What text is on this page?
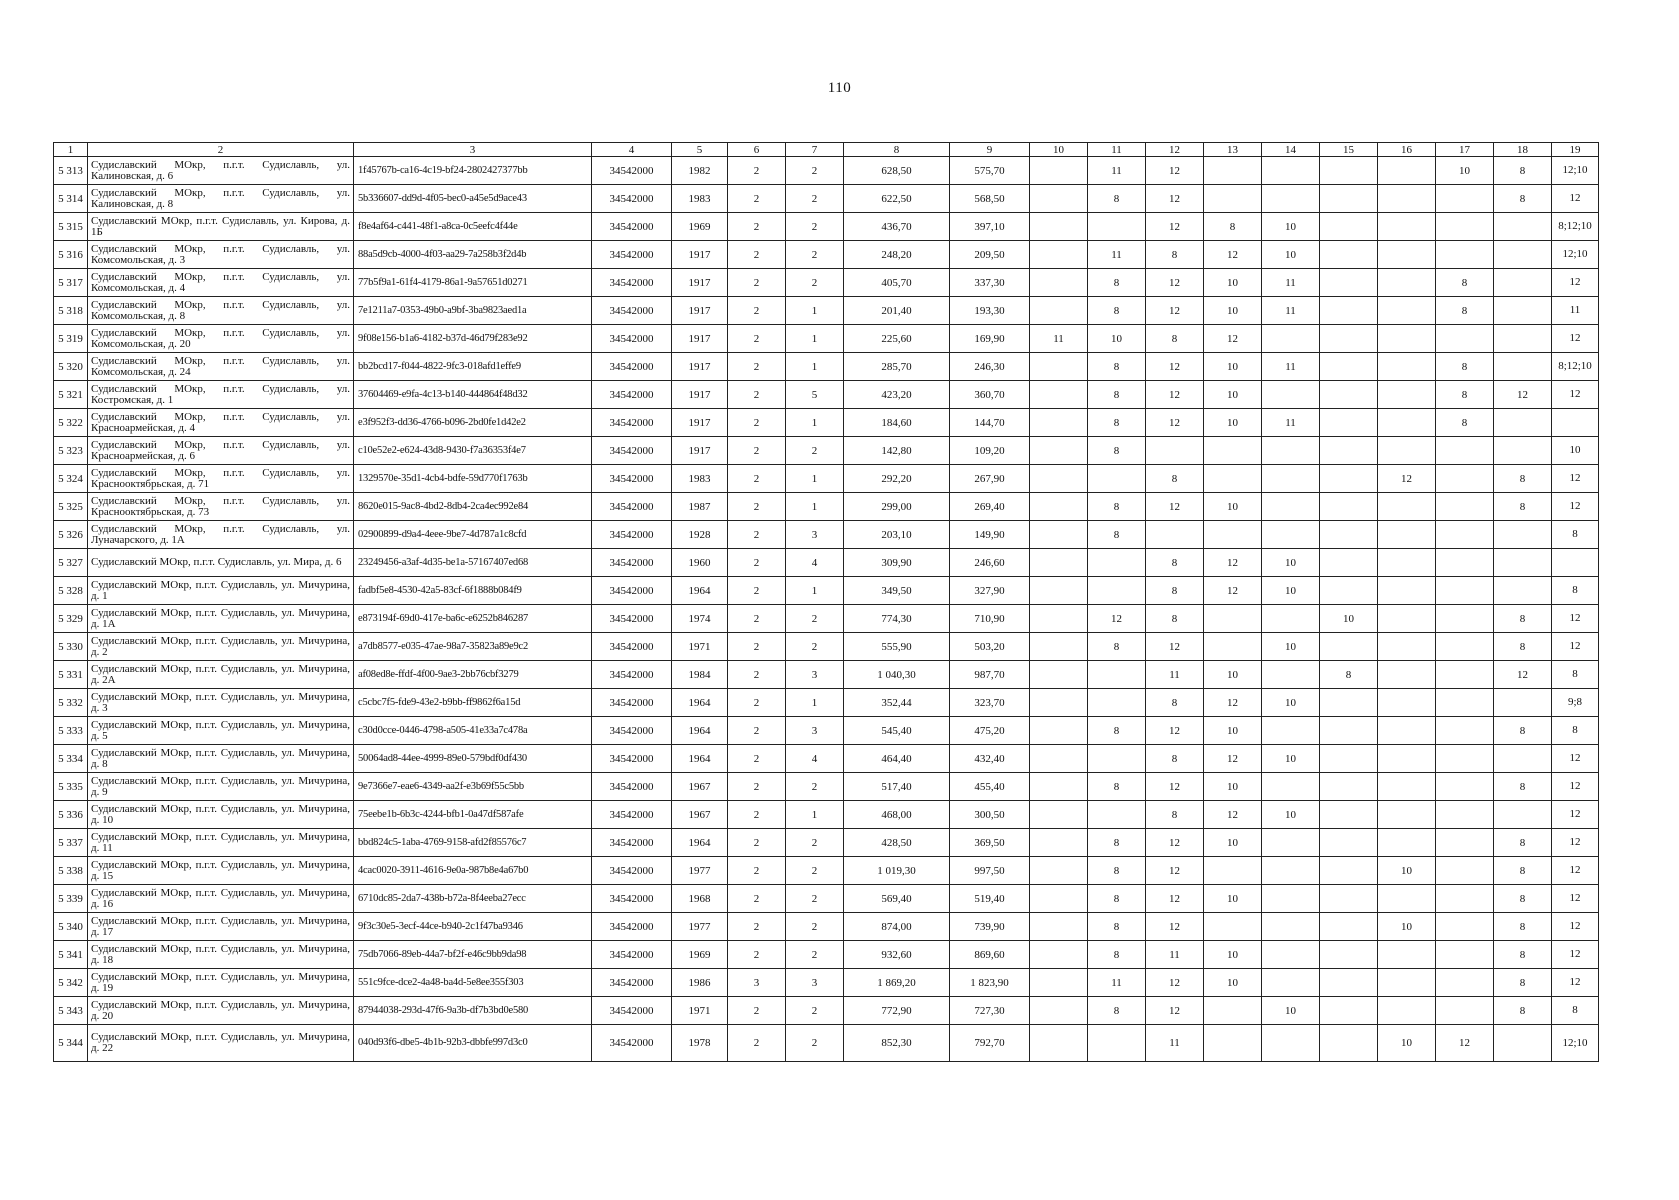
110
1	2	3	4	5	6	7	8	9	10	11	12	13	14	15	16	17	18	19
5 313	Судиславский МОкр, п.г.т. Судиславль, ул. Калиновская, д. 6	1f45767b-ca16-4c19-bf24-2802427377bb	34542000	1982	2	2	628,50	575,70		11	12					10	8	12;10
5 314	Судиславский МОкр, п.г.т. Судиславль, ул. Калиновская, д. 8	5b336607-dd9d-4f05-bec0-a45e5d9ace43	34542000	1983	2	2	622,50	568,50		8	12						8	12
5 315	Судиславский МОкр, п.г.т. Судиславль, ул. Кирова, д. 1Б	f8e4af64-c441-48f1-a8ca-0c5eefc4f44e	34542000	1969	2	2	436,70	397,10			12	8	10					8;12;10
5 316	Судиславский МОкр, п.г.т. Судиславль, ул. Комсомольская, д. 3	88a5d9cb-4000-4f03-aa29-7a258b3f2d4b	34542000	1917	2	2	248,20	209,50		11	8	12	10					12;10
5 317	Судиславский МОкр, п.г.т. Судиславль, ул. Комсомольская, д. 4	77b5f9a1-61f4-4179-86a1-9a57651d0271	34542000	1917	2	2	405,70	337,30		8	12	10	11			8		12
5 318	Судиславский МОкр, п.г.т. Судиславль, ул. Комсомольская, д. 8	7e1211a7-0353-49b0-a9bf-3ba9823aed1a	34542000	1917	2	1	201,40	193,30		8	12	10	11			8		11
5 319	Судиславский МОкр, п.г.т. Судиславль, ул. Комсомольская, д. 20	9f08e156-b1a6-4182-b37d-46d79f283e92	34542000	1917	2	1	225,60	169,90	11	10	8	12						12
5 320	Судиславский МОкр, п.г.т. Судиславль, ул. Комсомольская, д. 24	bb2bcd17-f044-4822-9fc3-018afd1effe9	34542000	1917	2	1	285,70	246,30		8	12	10	11			8		8;12;10
5 321	Судиславский МОкр, п.г.т. Судиславль, ул. Костромская, д. 1	37604469-e9fa-4c13-b140-444864f48d32	34542000	1917	2	5	423,20	360,70		8	12	10				8	12	12
5 322	Судиславский МОкр, п.г.т. Судиславль, ул. Красноармейская, д. 4	e3f952f3-dd36-4766-b096-2bd0fe1d42e2	34542000	1917	2	1	184,60	144,70		8	12	10	11			8		
5 323	Судиславский МОкр, п.г.т. Судиславль, ул. Красноармейская, д. 6	c10e52e2-e624-43d8-9430-f7a36353f4e7	34542000	1917	2	2	142,80	109,20		8								10
5 324	Судиславский МОкр, п.г.т. Судиславль, ул. Краснооктябрьская, д. 71	1329570e-35d1-4cb4-bdfe-59d770f1763b	34542000	1983	2	1	292,20	267,90			8				12		8	12
5 325	Судиславский МОкр, п.г.т. Судиславль, ул. Краснооктябрьская, д. 73	8620e015-9ac8-4bd2-8db4-2ca4ec992e84	34542000	1987	2	1	299,00	269,40		8	12	10					8	12
5 326	Судиславский МОкр, п.г.т. Судиславль, ул. Луначарского, д. 1А	02900899-d9a4-4eee-9be7-4d787a1c8cfd	34542000	1928	2	3	203,10	149,90		8								8
5 327	Судиславский МОкр, п.г.т. Судиславль, ул. Мира, д. 6	23249456-a3af-4d35-be1a-57167407ed68	34542000	1960	2	4	309,90	246,60			8	12	10					
5 328	Судиславский МОкр, п.г.т. Судиславль, ул. Мичурина, д. 1	fadbf5e8-4530-42a5-83cf-6f1888b084f9	34542000	1964	2	1	349,50	327,90			8	12	10					8
5 329	Судиславский МОкр, п.г.т. Судиславль, ул. Мичурина, д. 1А	e873194f-69d0-417e-ba6c-e6252b846287	34542000	1974	2	2	774,30	710,90		12	8			10			8	12
5 330	Судиславский МОкр, п.г.т. Судиславль, ул. Мичурина, д. 2	a7db8577-e035-47ae-98a7-35823a89e9c2	34542000	1971	2	2	555,90	503,20		8	12		10				8	12
5 331	Судиславский МОкр, п.г.т. Судиславль, ул. Мичурина, д. 2А	af08ed8e-ffdf-4f00-9ae3-2bb76cbf3279	34542000	1984	2	3	1 040,30	987,70			11	10		8			12	8
5 332	Судиславский МОкр, п.г.т. Судиславль, ул. Мичурина, д. 3	c5cbc7f5-fde9-43e2-b9bb-ff9862f6a15d	34542000	1964	2	1	352,44	323,70			8	12	10					9;8
5 333	Судиславский МОкр, п.г.т. Судиславль, ул. Мичурина, д. 5	c30d0cce-0446-4798-a505-41e33a7c478a	34542000	1964	2	3	545,40	475,20		8	12	10					8	8
5 334	Судиславский МОкр, п.г.т. Судиславль, ул. Мичурина, д. 8	50064ad8-44ee-4999-89e0-579bdf0df430	34542000	1964	2	4	464,40	432,40			8	12	10					12
5 335	Судиславский МОкр, п.г.т. Судиславль, ул. Мичурина, д. 9	9e7366e7-eae6-4349-aa2f-e3b69f55c5bb	34542000	1967	2	2	517,40	455,40		8	12	10					8	12
5 336	Судиславский МОкр, п.г.т. Судиславль, ул. Мичурина, д. 10	75eebe1b-6b3c-4244-bfb1-0a47df587afe	34542000	1967	2	1	468,00	300,50			8	12	10					12
5 337	Судиславский МОкр, п.г.т. Судиславль, ул. Мичурина, д. 11	bbd824c5-1aba-4769-9158-afd2f85576c7	34542000	1964	2	2	428,50	369,50		8	12	10					8	12
5 338	Судиславский МОкр, п.г.т. Судиславль, ул. Мичурина, д. 15	4cac0020-3911-4616-9e0a-987b8e4a67b0	34542000	1977	2	2	1 019,30	997,50		8	12				10		8	12
5 339	Судиславский МОкр, п.г.т. Судиславль, ул. Мичурина, д. 16	6710dc85-2da7-438b-b72a-8f4eeba27ecc	34542000	1968	2	2	569,40	519,40		8	12	10					8	12
5 340	Судиславский МОкр, п.г.т. Судиславль, ул. Мичурина, д. 17	9f3c30e5-3ecf-44ce-b940-2c1f47ba9346	34542000	1977	2	2	874,00	739,90		8	12				10		8	12
5 341	Судиславский МОкр, п.г.т. Судиславль, ул. Мичурина, д. 18	75db7066-89eb-44a7-bf2f-e46c9bb9da98	34542000	1969	2	2	932,60	869,60		8	11	10					8	12
5 342	Судиславский МОкр, п.г.т. Судиславль, ул. Мичурина, д. 19	551c9fce-dce2-4a48-ba4d-5e8ee355f303	34542000	1986	3	3	1 869,20	1 823,90		11	12	10					8	12
5 343	Судиславский МОкр, п.г.т. Судиславль, ул. Мичурина, д. 20	87944038-293d-47f6-9a3b-df7b3bd0e580	34542000	1971	2	2	772,90	727,30		8	12		10				8	8
5 344	Судиславский МОкр, п.г.т. Судиславль, ул. Мичурина, д. 22	040d93f6-dbe5-4b1b-92b3-dbbfe997d3c0	34542000	1978	2	2	852,30	792,70			11				10	12		12;10
